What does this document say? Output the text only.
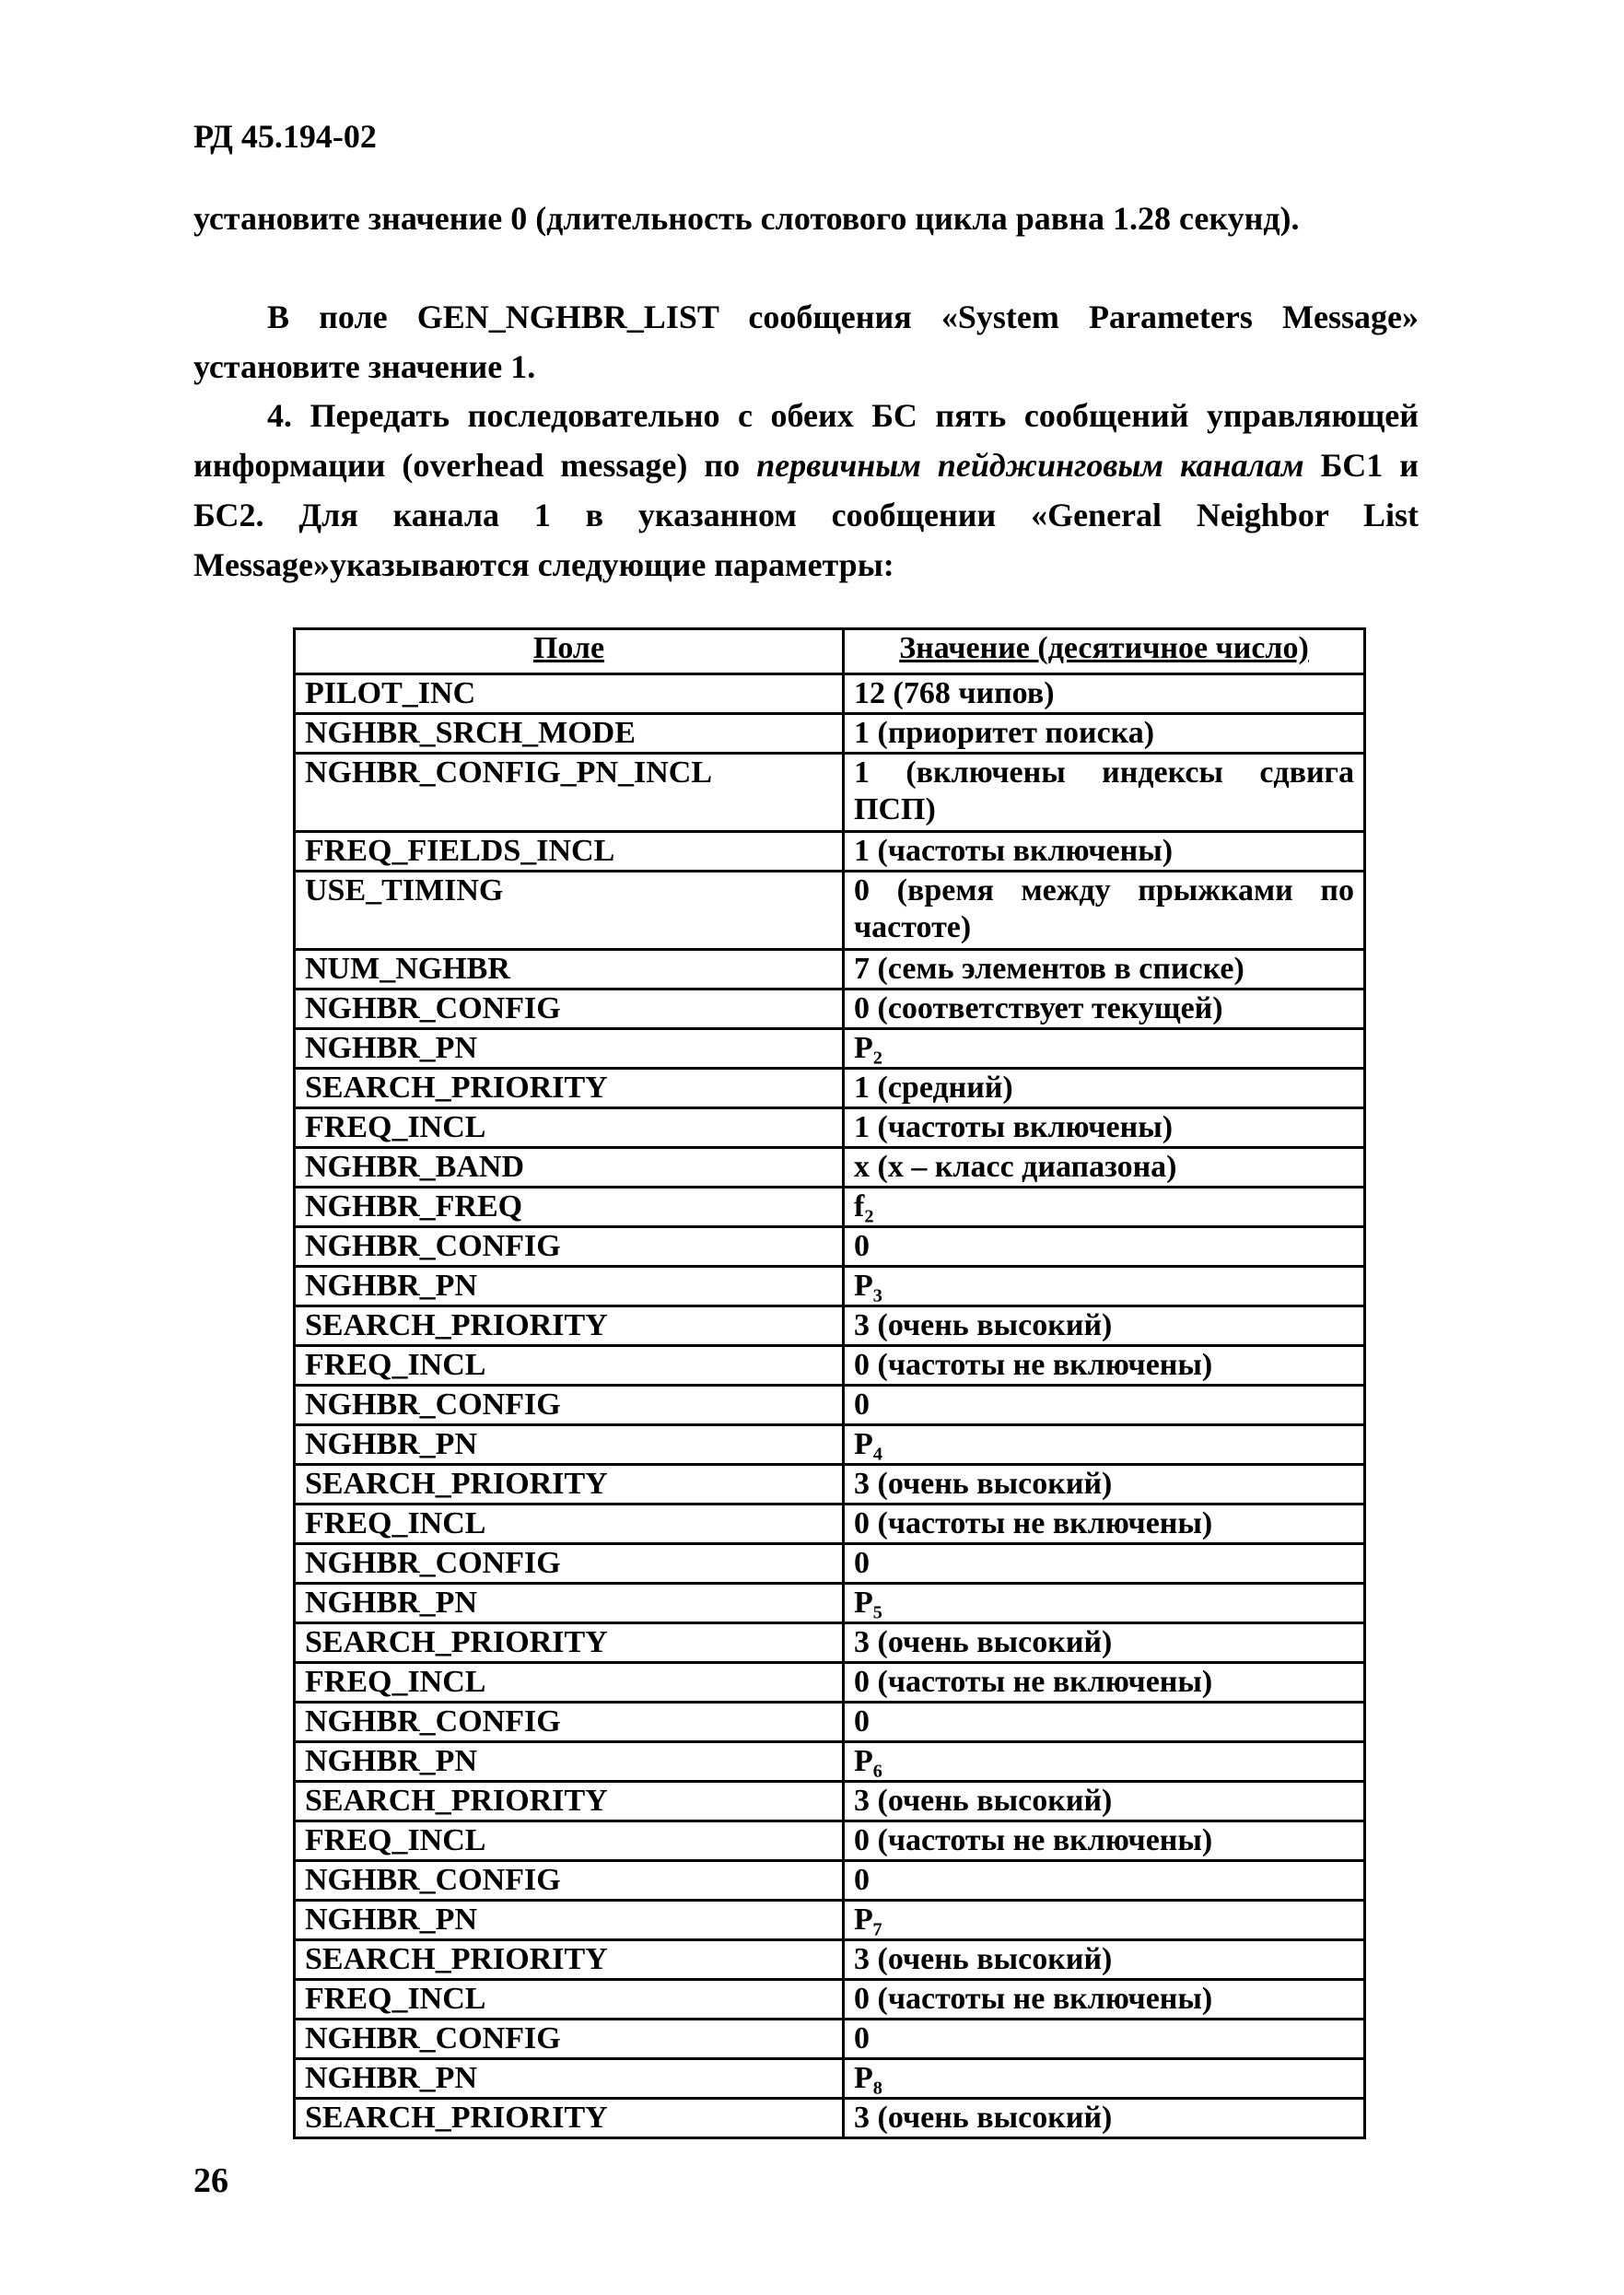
РД 45.194-02
установите значение 0 (длительность слотового цикла равна 1.28 секунд).
В поле GEN_NGHBR_LIST сообщения «System Parameters Message» установите значение 1.
4. Передать последовательно с обеих БС пять сообщений управляющей информации (overhead message) по первичным пейджинговым каналам БС1 и БС2. Для канала 1 в указанном сообщении «General Neighbor List Message»указываются следующие параметры:
Поле	Значение (десятичное число)
PILOT_INC	12 (768 чипов)
NGHBR_SRCH_MODE	1 (приоритет поиска)
NGHBR_CONFIG_PN_INCL	1 (включены индексы сдвига ПСП)
FREQ_FIELDS_INCL	1 (частоты включены)
USE_TIMING	0 (время между прыжками по частоте)
NUM_NGHBR	7 (семь элементов в списке)
NGHBR_CONFIG	0 (соответствует текущей)
NGHBR_PN	P₂
SEARCH_PRIORITY	1 (средний)
FREQ_INCL	1 (частоты включены)
NGHBR_BAND	x (x – класс диапазона)
NGHBR_FREQ	f₂
NGHBR_CONFIG	0
NGHBR_PN	P₃
SEARCH_PRIORITY	3 (очень высокий)
FREQ_INCL	0 (частоты не включены)
NGHBR_CONFIG	0
NGHBR_PN	P₄
SEARCH_PRIORITY	3 (очень высокий)
FREQ_INCL	0 (частоты не включены)
NGHBR_CONFIG	0
NGHBR_PN	P₅
SEARCH_PRIORITY	3 (очень высокий)
FREQ_INCL	0 (частоты не включены)
NGHBR_CONFIG	0
NGHBR_PN	P₆
SEARCH_PRIORITY	3 (очень высокий)
FREQ_INCL	0 (частоты не включены)
NGHBR_CONFIG	0
NGHBR_PN	P₇
SEARCH_PRIORITY	3 (очень высокий)
FREQ_INCL	0 (частоты не включены)
NGHBR_CONFIG	0
NGHBR_PN	P₈
SEARCH_PRIORITY	3 (очень высокий)
26
